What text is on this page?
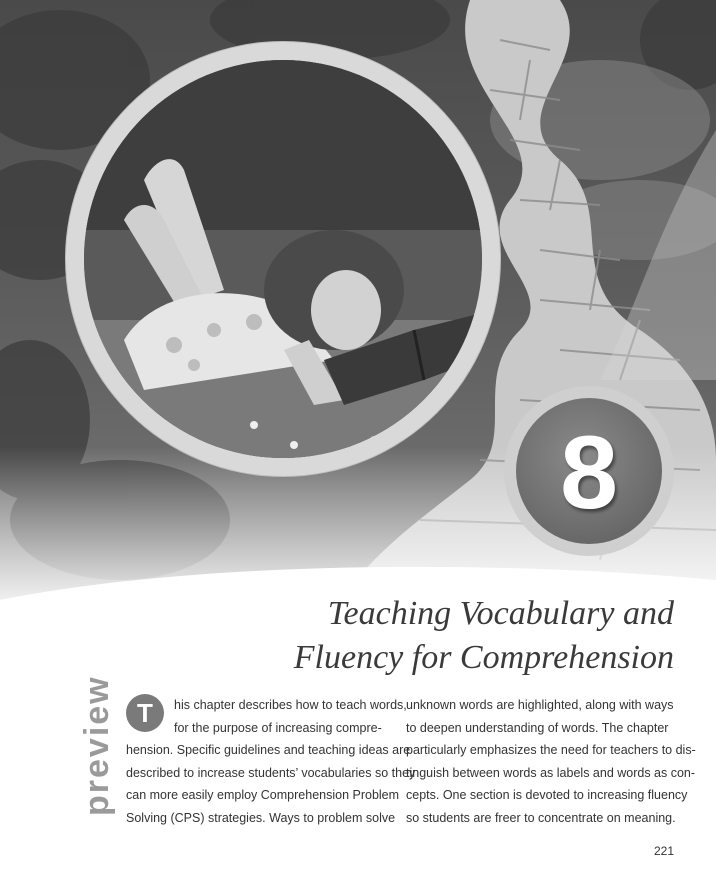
8
Teaching Vocabulary and
Fluency for Comprehension
preview T	his chapter describes how to teach words,
for the purpose of increasing compre-
hension. Specific guidelines and teaching ideas are
described to increase students’ vocabularies so they
can more easily employ Comprehension Problem
Solving (CPS) strategies. Ways to problem solve
unknown words are highlighted, along with ways
to deepen understanding of words. The chapter
particularly emphasizes the need for teachers to dis-
tinguish between words as labels and words as con-
cepts. One section is devoted to increasing fluency
so students are freer to concentrate on meaning.
221
